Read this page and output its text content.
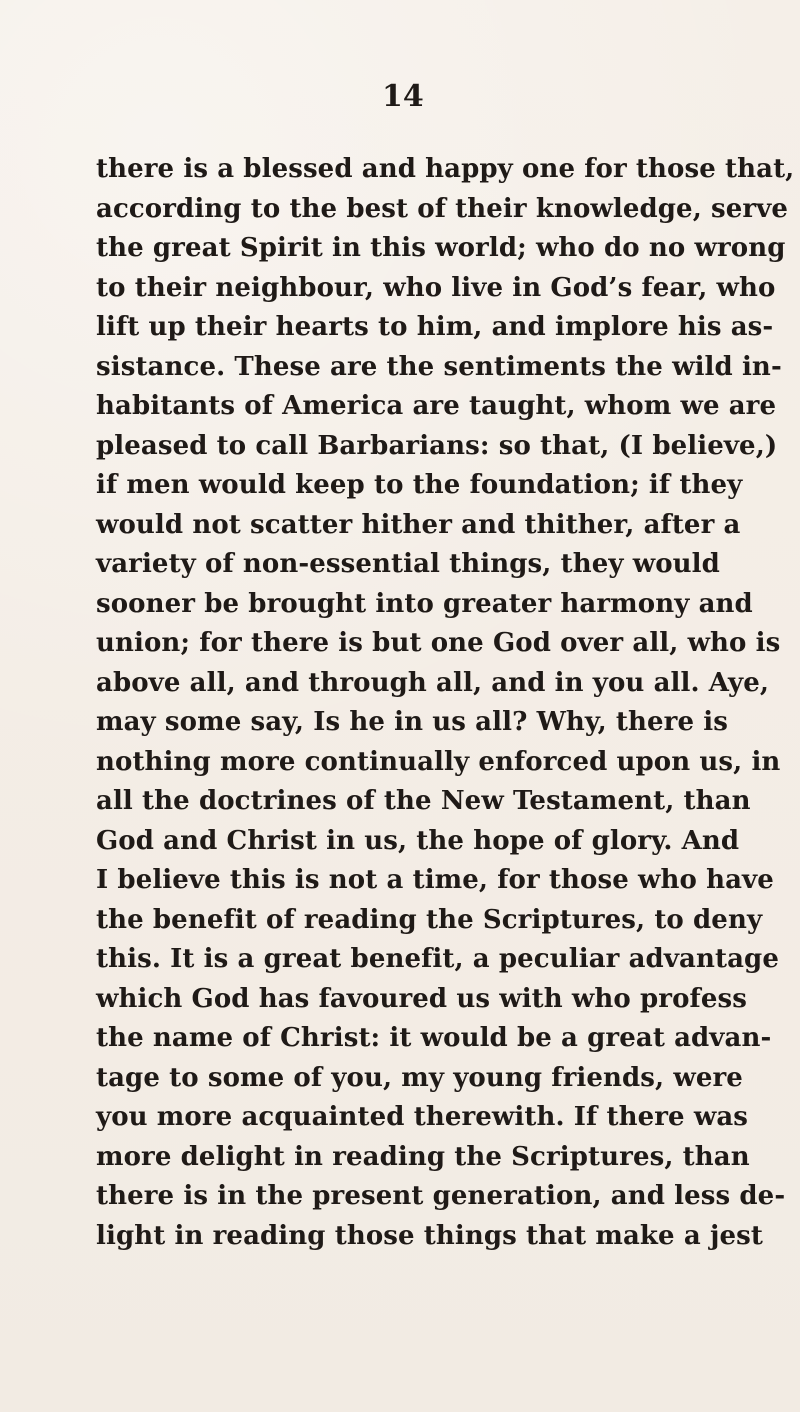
14
there is a blessed and happy one for those that,
according to the best of their knowledge, serve
the great Spirit in this world; who do no wrong
to their neighbour, who live in God’s fear, who
lift up their hearts to him, and implore his as-
sistance. These are the sentiments the wild in-
habitants of America are taught, whom we are
pleased to call Barbarians: so that, (I believe,)
if men would keep to the foundation; if they
would not scatter hither and thither, after a
variety of non-essential things, they would
sooner be brought into greater harmony and
union; for there is but one God over all, who is
above all, and through all, and in you all. Aye,
may some say, Is he in us all? Why, there is
nothing more continually enforced upon us, in
all the doctrines of the New Testament, than
God and Christ in us, the hope of glory. And
I believe this is not a time, for those who have
the benefit of reading the Scriptures, to deny
this. It is a great benefit, a peculiar advantage
which God has favoured us with who profess
the name of Christ: it would be a great advan-
tage to some of you, my young friends, were
you more acquainted therewith. If there was
more delight in reading the Scriptures, than
there is in the present generation, and less de-
light in reading those things that make a jest
